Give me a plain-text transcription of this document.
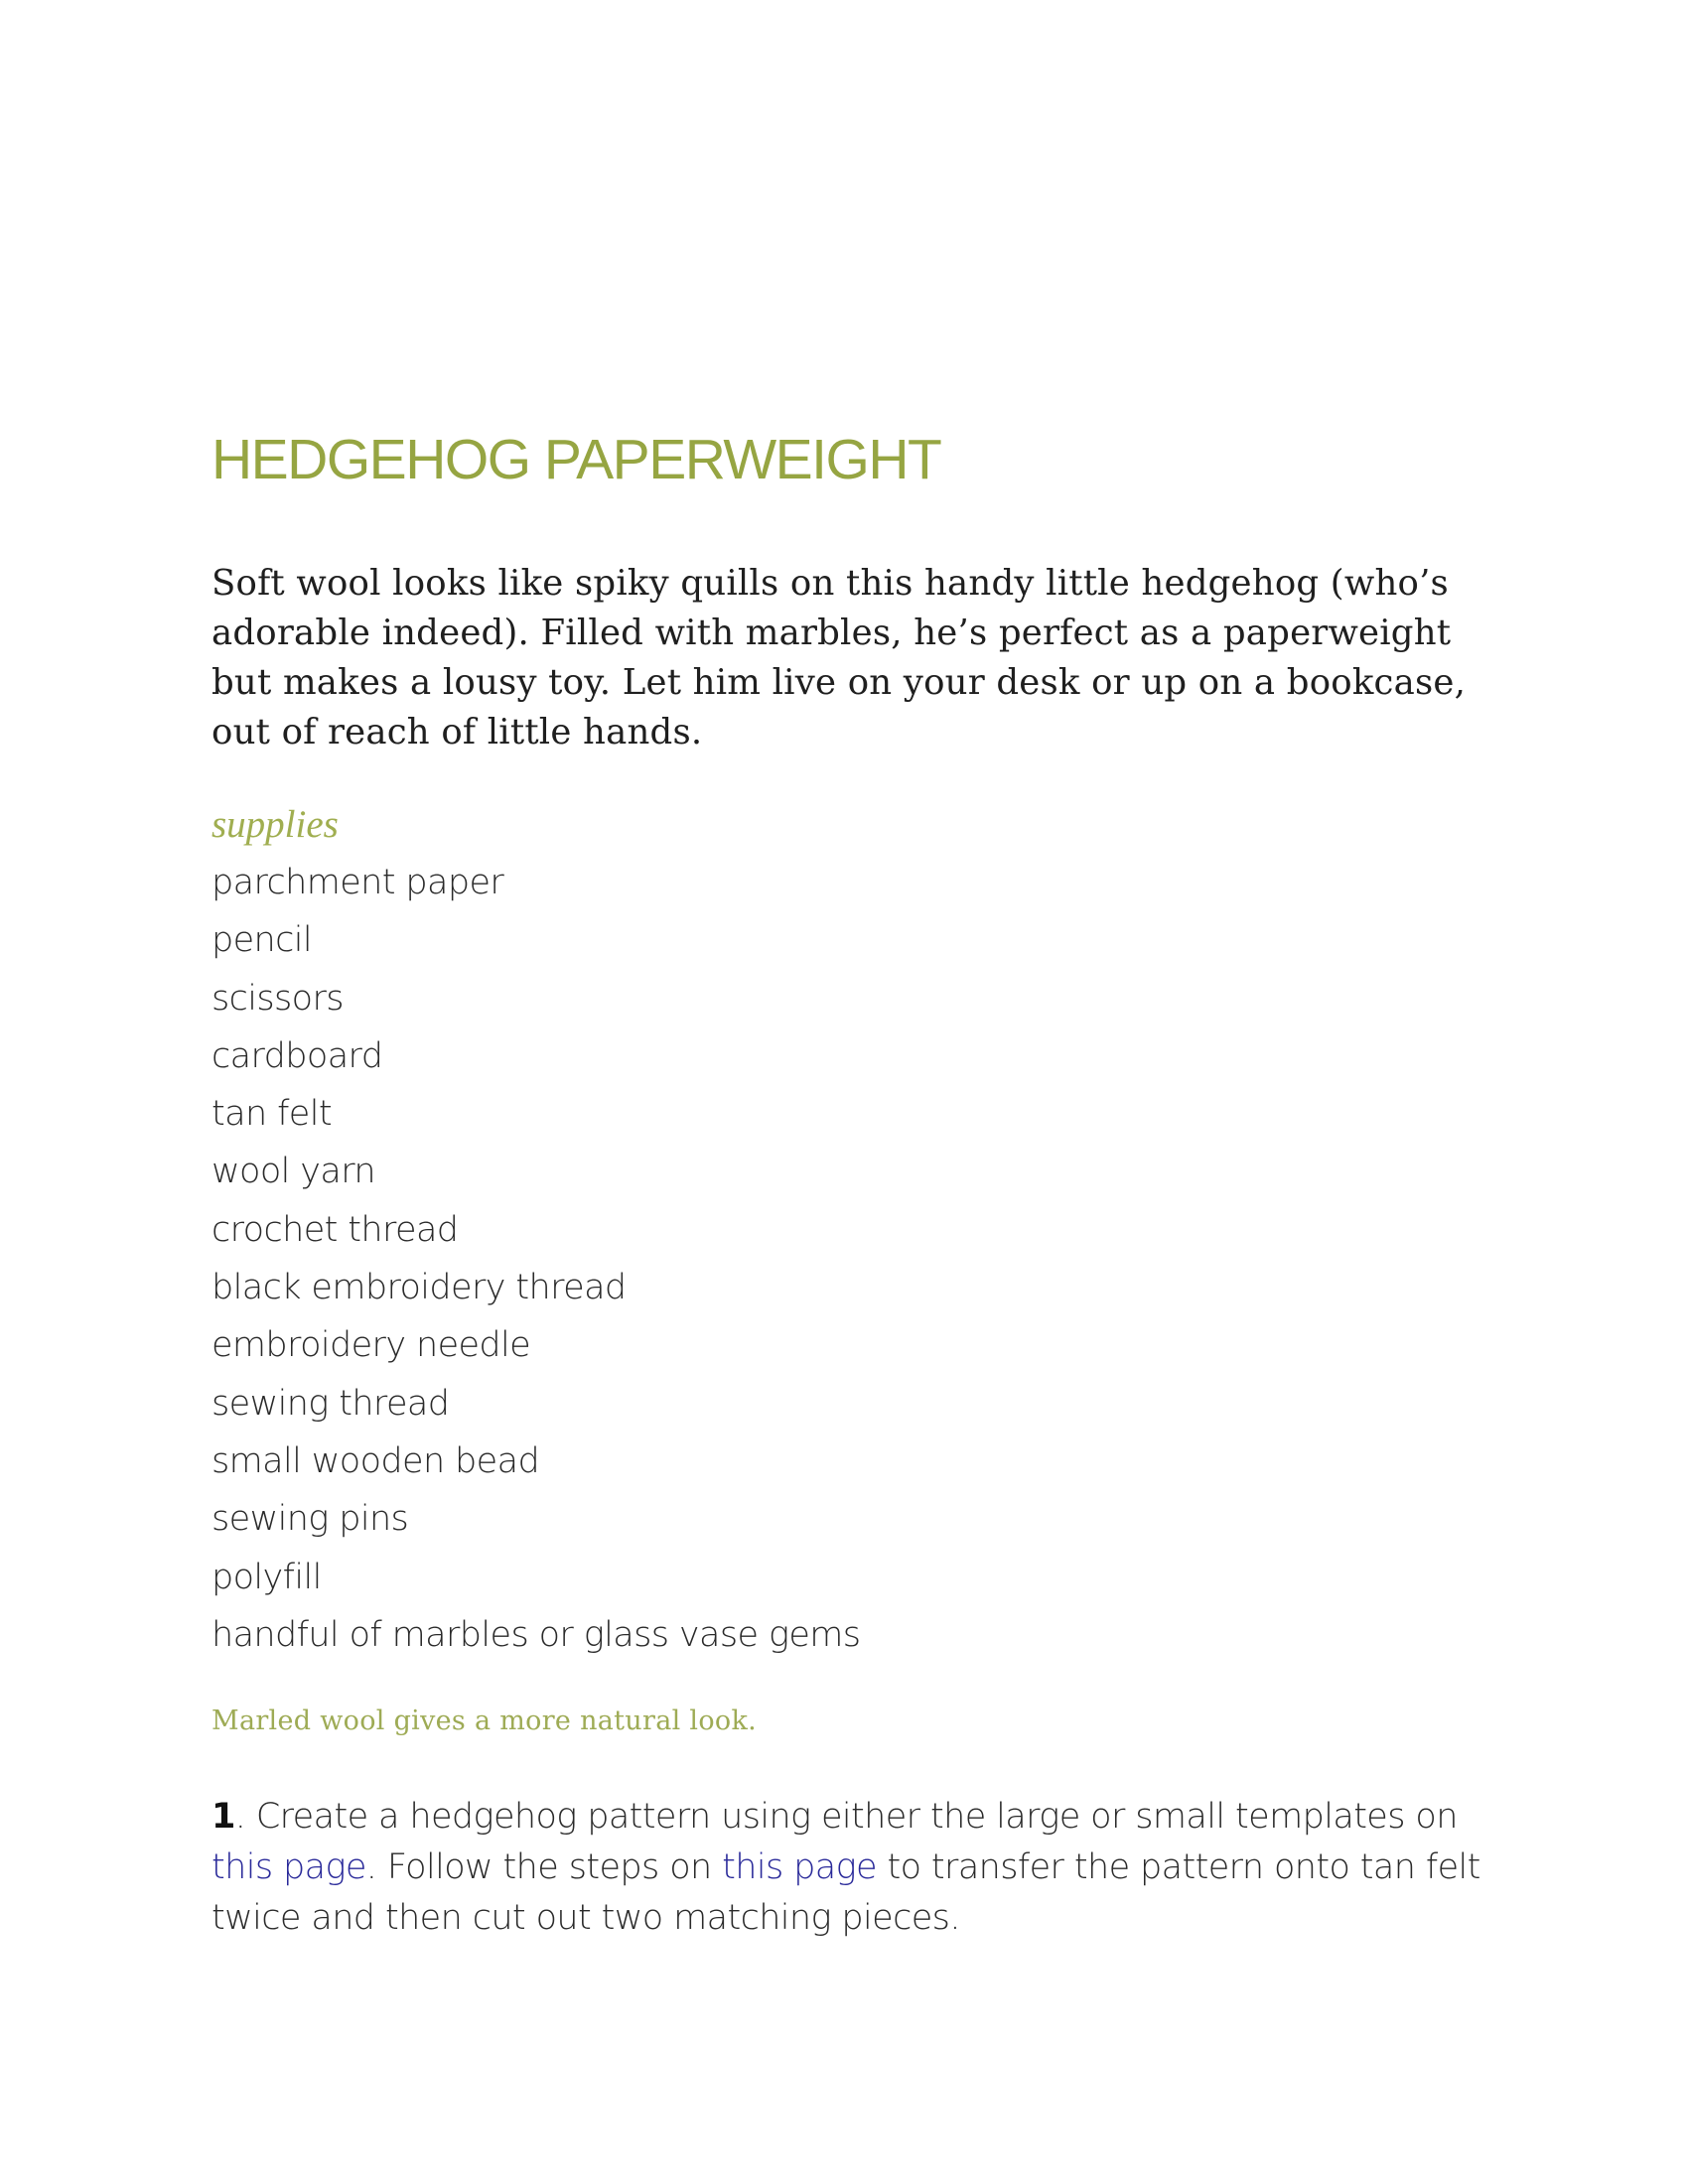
HEDGEHOG PAPERWEIGHT

Soft wool looks like spiky quills on this handy little hedgehog (who’s adorable indeed). Filled with marbles, he’s perfect as a paperweight but makes a lousy toy. Let him live on your desk or up on a bookcase, out of reach of little hands.

supplies
parchment paper
pencil
scissors
cardboard
tan felt
wool yarn
crochet thread
black embroidery thread
embroidery needle
sewing thread
small wooden bead
sewing pins
polyfill
handful of marbles or glass vase gems

Marled wool gives a more natural look.

1. Create a hedgehog pattern using either the large or small templates on this page. Follow the steps on this page to transfer the pattern onto tan felt twice and then cut out two matching pieces.
